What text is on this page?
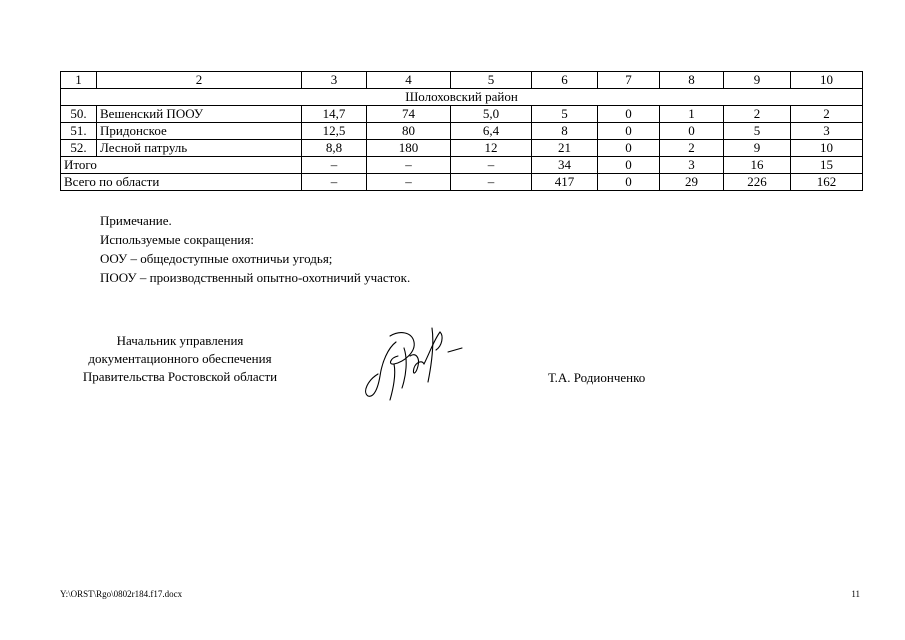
1	2	3	4	5	6	7	8	9	10
Шолоховский район									
50.	Вешенский ПООУ	14,7	74	5,0	5	0	1	2	2
51.	Придонское	12,5	80	6,4	8	0	0	5	3
52.	Лесной патруль	8,8	180	12	21	0	2	9	10
Итого		–	–	–	34	0	3	16	15
Всего по области		–	–	–	417	0	29	226	162
Примечание.
Используемые сокращения:
ООУ – общедоступные охотничьи угодья;
ПООУ – производственный опытно-охотничий участок.
Начальник управления
документационного обеспечения
Правительства Ростовской области	Т.А. Родионченко
Y:\ORST\Rgo\0802r184.f17.docx	11
